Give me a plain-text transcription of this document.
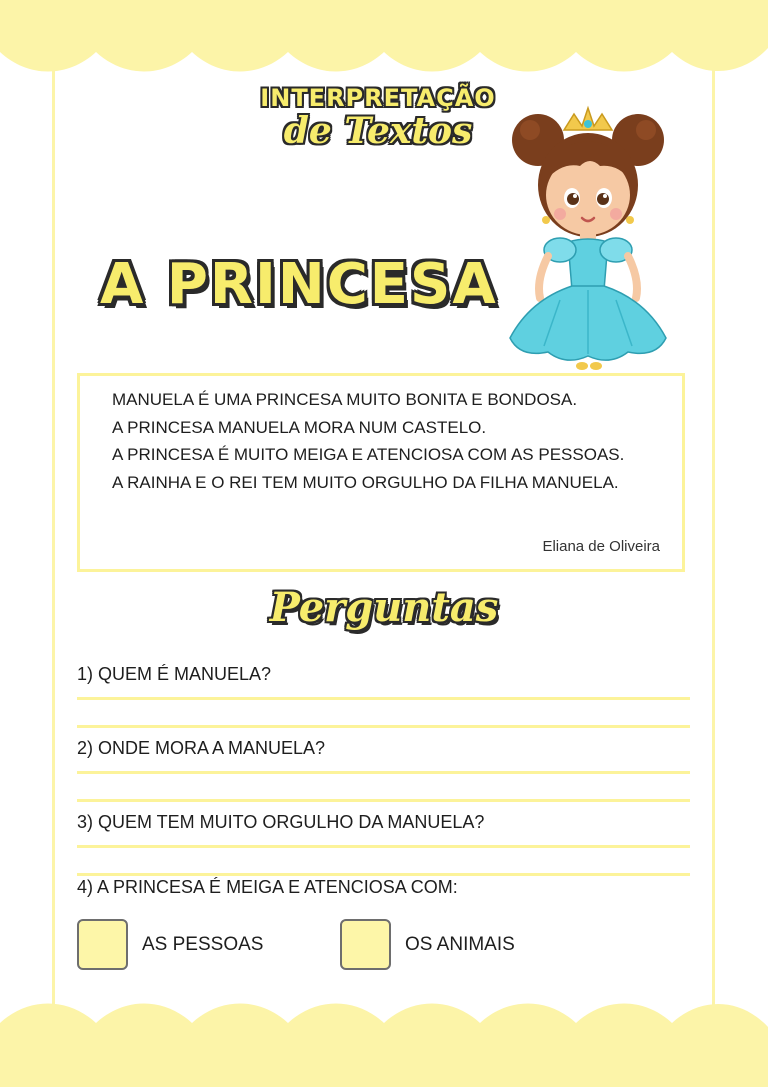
INTERPRETAÇÃO
de Textos
A PRINCESA
MANUELA É UMA PRINCESA MUITO BONITA E BONDOSA.
A PRINCESA MANUELA MORA NUM CASTELO.
A PRINCESA É MUITO MEIGA E ATENCIOSA COM AS PESSOAS.
A RAINHA E O REI TEM MUITO ORGULHO DA FILHA MANUELA.
Eliana de Oliveira
Perguntas
1) QUEM É MANUELA?
2) ONDE MORA A MANUELA?
3) QUEM TEM MUITO ORGULHO DA MANUELA?
4) A PRINCESA É MEIGA E ATENCIOSA COM:
AS PESSOAS	OS ANIMAIS
